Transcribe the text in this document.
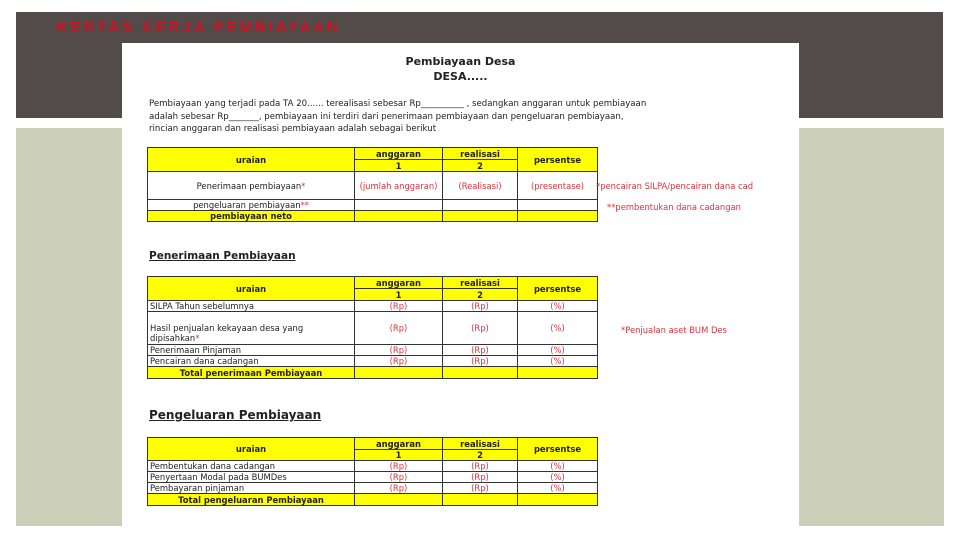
KERTAS KERJA PEMBIAYAAN
Pembiayaan Desa
DESA.....
Pembiayaan yang terjadi pada TA 20...... terealisasi sebesar Rp__________ , sedangkan anggaran untuk pembiayaan
adalah sebesar Rp_______, pembiayaan ini terdiri dari penerimaan pembiayaan dan pengeluaran pembiayaan,
rincian anggaran dan realisasi pembiayaan adalah sebagai berikut
uraian	anggaran	realisasi	persentse
	1	2	
Penerimaan pembiayaan*	(jumlah anggaran)	(Realisasi)	(presentase)
pengeluaran pembiayaan**			
pembiayaan neto			
*pencairan SILPA/pencairan dana cad
**pembentukan dana cadangan
Penerimaan Pembiayaan
uraian	anggaran	realisasi	persentse
	1	2	
SILPA Tahun sebelumnya	(Rp)	(Rp)	(%)

Hasil penjualan kekayaan desa yang
dipisahkan*	(Rp)	(Rp)	(%)
Penerimaan Pinjaman	(Rp)	(Rp)	(%)
Pencairan dana cadangan	(Rp)	(Rp)	(%)
Total penerimaan Pembiayaan			
*Penjualan aset BUM Des
Pengeluaran Pembiayaan
uraian	anggaran	realisasi	persentse
	1	2	
Pembentukan dana cadangan	(Rp)	(Rp)	(%)
Penyertaan Modal pada BUMDes	(Rp)	(Rp)	(%)
Pembayaran pinjaman	(Rp)	(Rp)	(%)
Total pengeluaran Pembiayaan			
